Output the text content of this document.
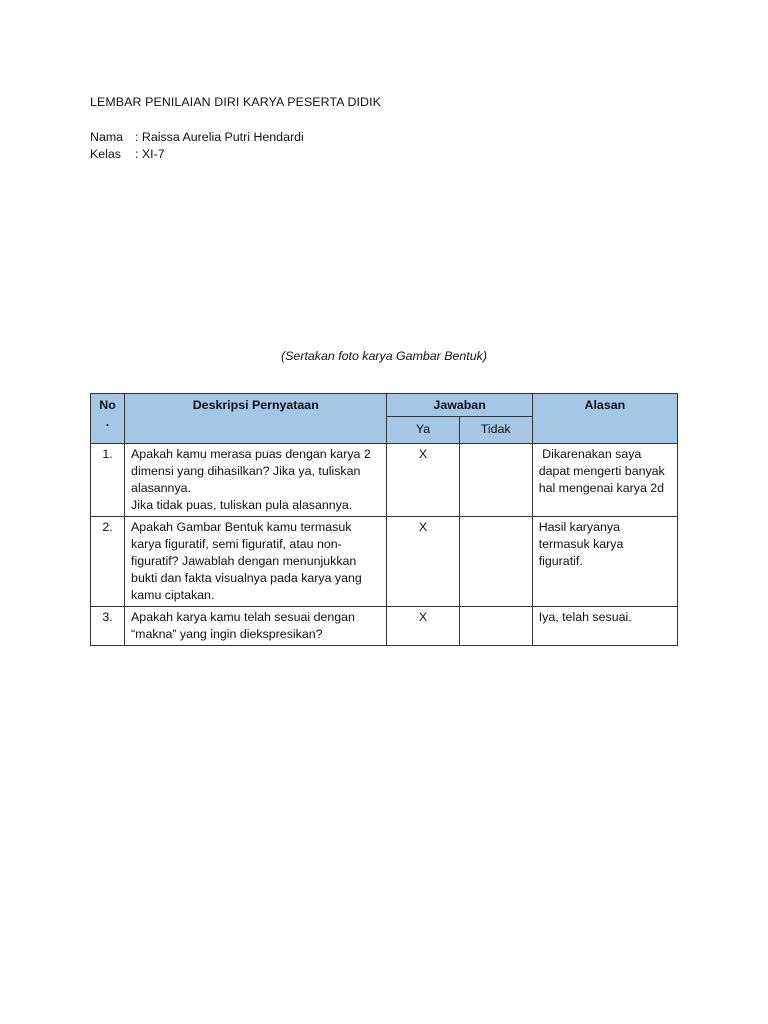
LEMBAR PENILAIAN DIRI KARYA PESERTA DIDIK
Nama : Raissa Aurelia Putri Hendardi
Kelas	: XI-7
(Sertakan foto karya Gambar Bentuk)
No
.	Deskripsi Pernyataan	Jawaban		Alasan
		Ya	Tidak	
1.	Apakah kamu merasa puas dengan karya 2
dimensi yang dihasilkan? Jika ya, tuliskan
alasannya.
Jika tidak puas, tuliskan pula alasannya.	X		Dikarenakan saya
dapat mengerti banyak
hal mengenai karya 2d

2.	Apakah Gambar Bentuk kamu termasuk
karya figuratif, semi figuratif, atau non-
figuratif? Jawablah dengan menunjukkan
bukti dan fakta visualnya pada karya yang
kamu ciptakan.	X		Hasil karyanya
termasuk karya
figuratif.

3.	Apakah karya kamu telah sesuai dengan
“makna” yang ingin diekspresikan?	X		Iya, telah sesuai.
